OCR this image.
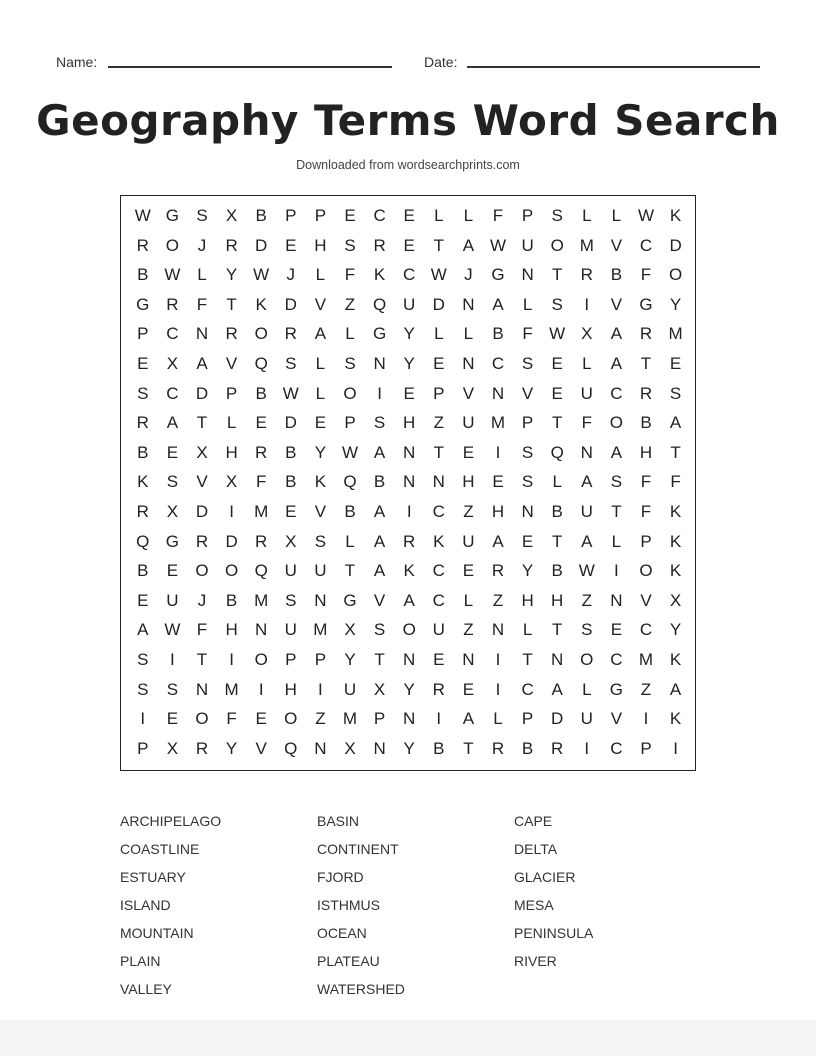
Name:	Date:
Geography Terms Word Search
Downloaded from wordsearchprints.com
W G	S	X	B	P	P	E	C	E	L	L	F	P	S	L	L W K
R O	J	R	D	E	H	S	R	E	T	A W U O M V	C	D
B W L	Y W	J	L	F	K	C W	J	G N	T	R	B	F	O
G R	F	T	K	D	V	Z	Q U	D	N	A	L	S	I	V	G	Y
P	C	N	R O R	A	L	G	Y	L	L	B	F W X	A	R M
E	X	A	V	Q	S	L	S	N	Y	E	N	C	S	E	L	A	T	E
S	C	D	P	B W L	O	I	E	P	V	N	V	E	U	C	R	S
R	A	T	L	E	D	E	P	S	H	Z	U M P	T	F	O	B	A
B	E	X	H	R	B	Y W A	N	T	E	I	S	Q N	A	H	T
K	S	V	X	F	B	K	Q	B	N	N	H	E	S	L	A	S	F	F
R	X	D	I	M E	V	B	A	I	C	Z	H	N	B	U	T	F	K
Q G R	D	R	X	S	L	A	R	K	U	A	E	T	A	L	P	K
B	E	O O Q U	U	T	A	K	C	E	R	Y	B W	I	O	K
E	U	J	B M S	N G	V	A	C	L	Z	H	H	Z	N	V	X
A W F	H	N	U M X	S	O U	Z	N	L	T	S	E	C	Y
S	I	T	I	O	P	P	Y	T	N	E	N	I	T	N O C M K
S	S	N M	I	H	I	U	X	Y	R	E	I	C	A	L	G	Z	A
I	E	O	F	E	O	Z	M P	N	I	A	L	P	D	U	V	I	K
P	X	R	Y	V	Q N	X	N	Y	B	T	R	B	R	I	C	P	I
ARCHIPELAGO	BASIN	CAPE
COASTLINE	CONTINENT	DELTA
ESTUARY	FJORD	GLACIER
ISLAND	ISTHMUS	MESA
MOUNTAIN	OCEAN	PENINSULA
PLAIN	PLATEAU	RIVER
VALLEY	WATERSHED
